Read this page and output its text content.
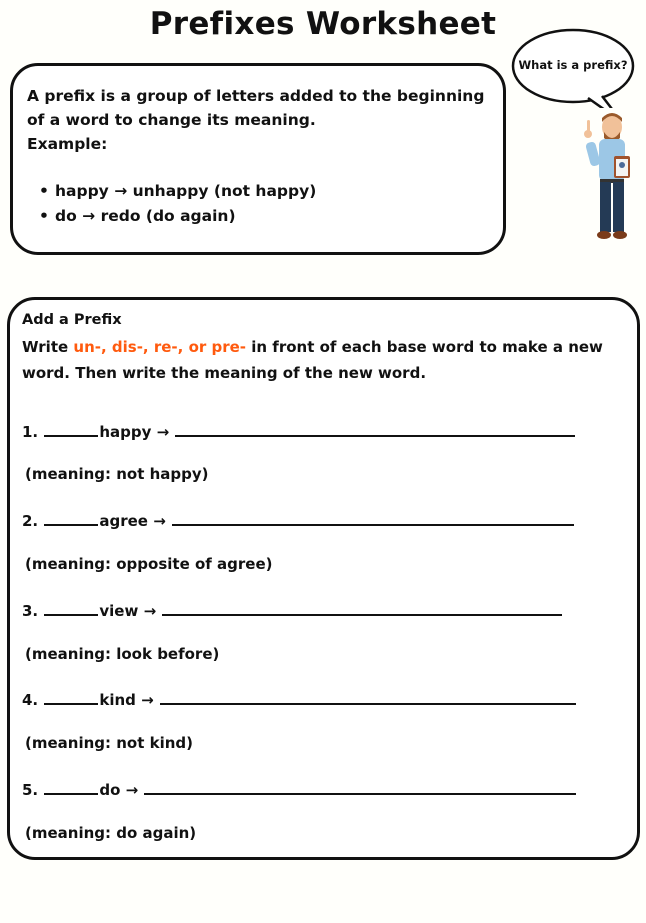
Prefixes Worksheet
A prefix is a group of letters added to the beginning
of a word to change its meaning.
Example:
• happy → unhappy (not happy)
• do → redo (do again)
What is a prefix?
Add a Prefix
Write un-, dis-, re-, or pre- in front of each base word to make a new
word. Then write the meaning of the new word.
1.	happy →
(meaning: not happy)
2.	agree →
(meaning: opposite of agree)
3.	view →
(meaning: look before)
4.	kind →
(meaning: not kind)
5.	do →
(meaning: do again)
